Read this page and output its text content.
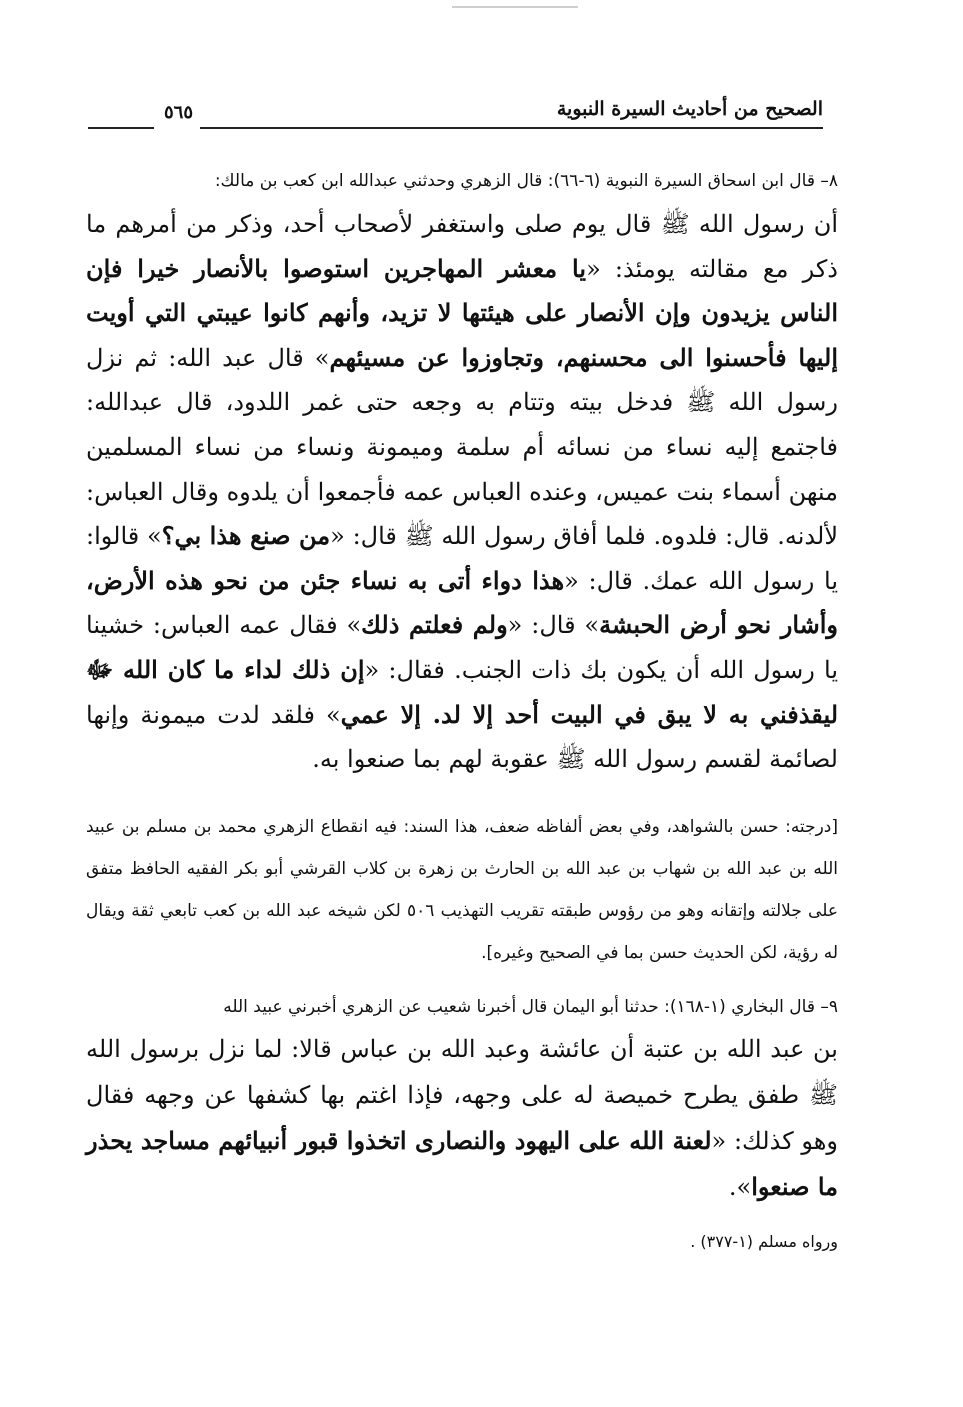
الصحيح من أحاديث السيرة النبوية
٥٦٥

٨– قال ابن اسحاق السيرة النبوية (٦-٦٦): قال الزهري وحدثني عبدالله ابن كعب بن مالك:

أن رسول الله ﷺ قال يوم صلى واستغفر لأصحاب أحد، وذكر من أمرهم ما ذكر مع مقالته يومئذ: «يا معشر المهاجرين استوصوا بالأنصار خيرا فإن الناس يزيدون وإن الأنصار على هيئتها لا تزيد، وأنهم كانوا عيبتي التي أويت إليها فأحسنوا الى محسنهم، وتجاوزوا عن مسيئهم» قال عبد الله: ثم نزل رسول الله ﷺ فدخل بيته وتتام به وجعه حتى غمر اللدود، قال عبدالله: فاجتمع إليه نساء من نسائه أم سلمة وميمونة ونساء من نساء المسلمين منهن أسماء بنت عميس، وعنده العباس عمه فأجمعوا أن يلدوه وقال العباس: لألدنه. قال: فلدوه. فلما أفاق رسول الله ﷺ قال: «من صنع هذا بي؟» قالوا: يا رسول الله عمك. قال: «هذا دواء أتى به نساء جئن من نحو هذه الأرض، وأشار نحو أرض الحبشة» قال: «ولم فعلتم ذلك» فقال عمه العباس: خشينا يا رسول الله أن يكون بك ذات الجنب. فقال: «إن ذلك لداء ما كان الله ﷻ ليقذفني به لا يبق في البيت أحد إلا لد. إلا عمي» فلقد لدت ميمونة وإنها لصائمة لقسم رسول الله ﷺ عقوبة لهم بما صنعوا به.

[درجته: حسن بالشواهد، وفي بعض ألفاظه ضعف، هذا السند: فيه انقطاع الزهري محمد بن مسلم بن عبيد الله بن عبد الله بن شهاب بن عبد الله بن الحارث بن زهرة بن كلاب القرشي أبو بكر الفقيه الحافظ متفق على جلالته وإتقانه وهو من رؤوس طبقته تقريب التهذيب ٥٠٦ لكن شيخه عبد الله بن كعب تابعي ثقة ويقال له رؤية، لكن الحديث حسن بما في الصحيح وغيره].

٩– قال البخاري (١-١٦٨): حدثنا أبو اليمان قال أخبرنا شعيب عن الزهري أخبرني عبيد الله

بن عبد الله بن عتبة أن عائشة وعبد الله بن عباس قالا: لما نزل برسول الله ﷺ طفق يطرح خميصة له على وجهه، فإذا اغتم بها كشفها عن وجهه فقال وهو كذلك: «لعنة الله على اليهود والنصارى اتخذوا قبور أنبيائهم مساجد يحذر ما صنعوا».

ورواه مسلم (١-٣٧٧) .
